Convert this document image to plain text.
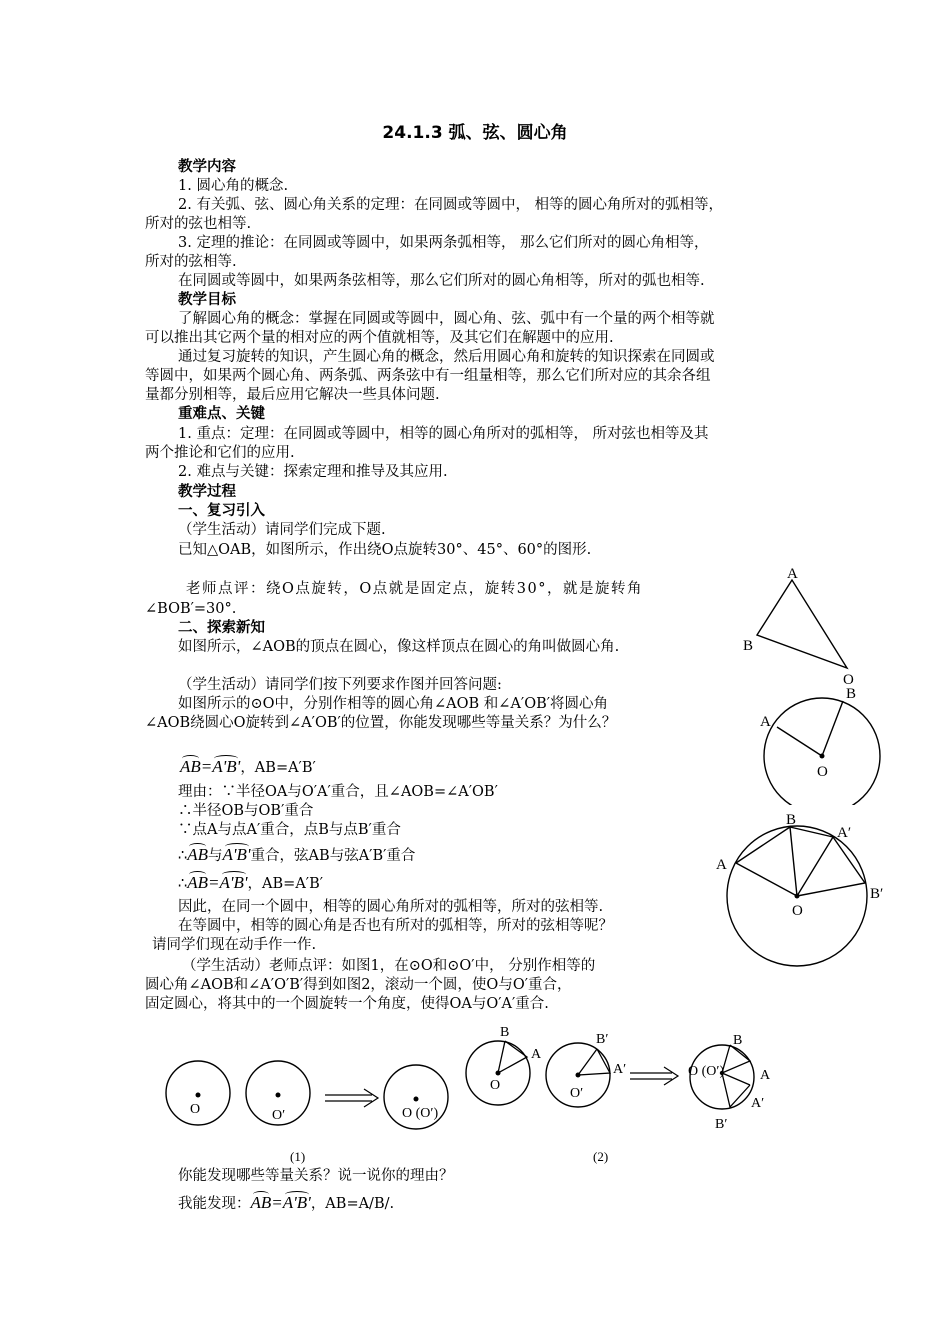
24.1.3 弧、弦、圆心角
教学内容
1. 圆心角的概念.
2. 有关弧、弦、圆心角关系的定理：在同圆或等圆中， 相等的圆心角所对的弧相等，
所对的弦也相等.
3. 定理的推论：在同圆或等圆中，如果两条弧相等， 那么它们所对的圆心角相等，
所对的弦相等.
在同圆或等圆中，如果两条弦相等，那么它们所对的圆心角相等，所对的弧也相等.
教学目标
了解圆心角的概念：掌握在同圆或等圆中，圆心角、弦、弧中有一个量的两个相等就
可以推出其它两个量的相对应的两个值就相等，及其它们在解题中的应用.
通过复习旋转的知识，产生圆心角的概念，然后用圆心角和旋转的知识探索在同圆或
等圆中，如果两个圆心角、两条弧、两条弦中有一组量相等，那么它们所对应的其余各组
量都分别相等，最后应用它解决一些具体问题.
重难点、关键
1. 重点：定理：在同圆或等圆中，相等的圆心角所对的弧相等， 所对弦也相等及其
两个推论和它们的应用.
2. 难点与关键：探索定理和推导及其应用.
教学过程
一、复习引入
（学生活动）请同学们完成下题.
已知△OAB，如图所示，作出绕O点旋转30°、45°、60°的图形.
老师点评：绕O点旋转，O点就是固定点，旋转30°，就是旋转角
∠BOB′=30°.
二、探索新知
如图所示，∠AOB的顶点在圆心，像这样顶点在圆心的角叫做圆心角.
（学生活动）请同学们按下列要求作图并回答问题:
如图所示的⊙O中，分别作相等的圆心角∠AOB 和∠A′OB′将圆心角
∠AOB绕圆心O旋转到∠A′OB′的位置，你能发现哪些等量关系？为什么？
AB=A'B'，AB=A′B′
理由：∵半径OA与O′A′重合，且∠AOB=∠A′OB′
∴半径OB与OB′重合
∵点A与点A′重合，点B与点B′重合
∴AB与A'B'重合，弦AB与弦A′B′重合
∴AB=A'B'，AB=A′B′
因此，在同一个圆中，相等的圆心角所对的弧相等，所对的弦相等.
在等圆中，相等的圆心角是否也有所对的弧相等，所对的弦相等呢？
请同学们现在动手作一作.
（学生活动）老师点评：如图1，在⊙O和⊙O′中， 分别作相等的
圆心角∠AOB和∠A′O′B′得到如图2，滚动一个圆，使O与O′重合，
固定圆心，将其中的一个圆旋转一个角度，使得OA与O′A′重合.
你能发现哪些等量关系？说一说你的理由？
我能发现：AB=A'B'，AB=A/B/.
A
B
O
B
A
O
B
A′
A
B′
O
O	O′	O (O′)
(1)
B
A
O
B′
A′
O′
O (O′)
B
A
A′
B′
(2)
